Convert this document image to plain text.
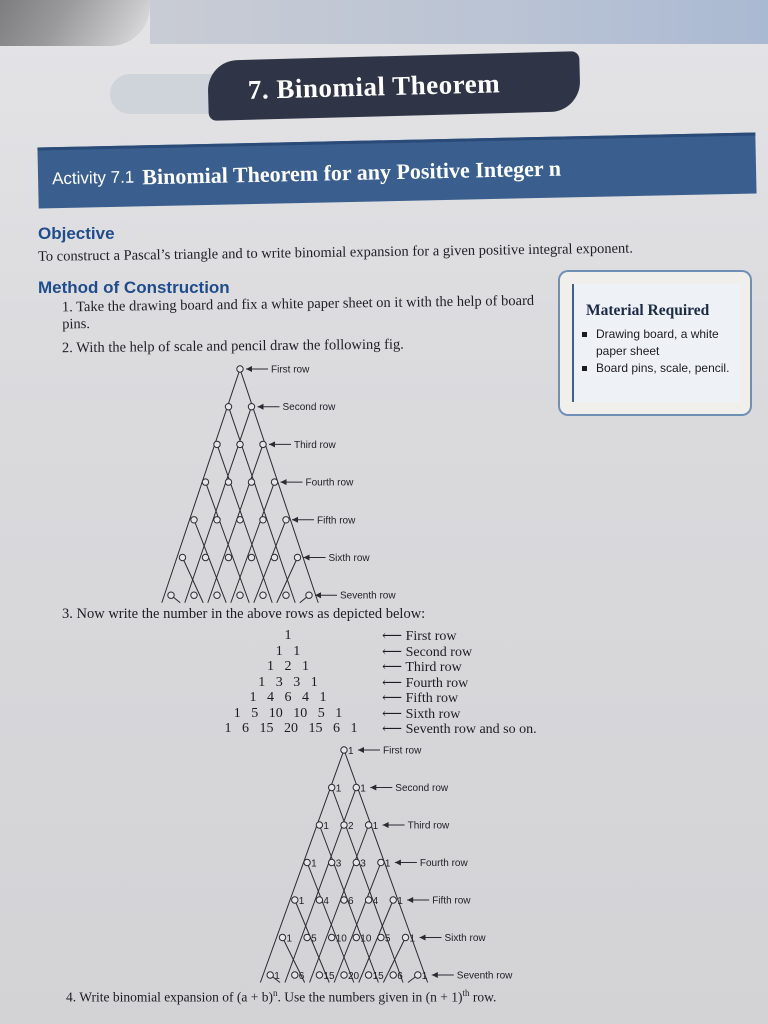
7. Binomial Theorem
Activity 7.1 Binomial Theorem for any Positive Integer n
Objective
To construct a Pascal’s triangle and to write binomial expansion for a given positive integral exponent.
Method of Construction
1. Take the drawing board and fix a white paper sheet on it with the help of board pins.
2. With the help of scale and pencil draw the following fig.
Material Required
Drawing board, a white paper sheet
Board pins, scale, pencil.
First row
Second row
Third row
Fourth row
Fifth row
Sixth row
Seventh row
3. Now write the number in the above rows as depicted below:
1	⟵ First row
1   1	⟵ Second row
1   2   1	⟵ Third row
1   3   3   1	⟵ Fourth row
1   4   6   4   1	⟵ Fifth row
1   5   10   10   5   1	⟵ Sixth row
1   6   15   20   15   6   1	⟵ Seventh row and so on.
1	First row
1 1	Second row
1 2 1	Third row
1 3 3 1	Fourth row
1 4 6 4 1	Fifth row
1 5 10 10 5 1	Sixth row
1 6 15 20 15 6 1	Seventh row
4. Write binomial expansion of $(a + b)^n$. Use the numbers given in $(n + 1)^{th}$ row.
